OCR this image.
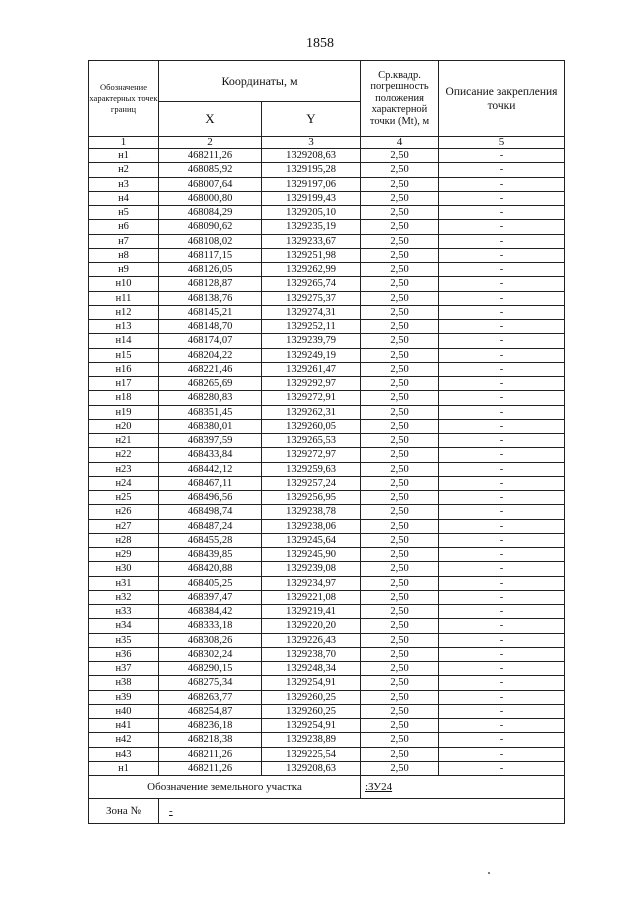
1858
Обозначение характерных точек границ	Координаты, м		Ср.квадр. погрешность положения характерной точки (Mt), м	Описание закрепления точки
	X	Y		
1	2	3	4	5
н1	468211,26	1329208,63	2,50	-
н2	468085,92	1329195,28	2,50	-
н3	468007,64	1329197,06	2,50	-
н4	468000,80	1329199,43	2,50	-
н5	468084,29	1329205,10	2,50	-
н6	468090,62	1329235,19	2,50	-
н7	468108,02	1329233,67	2,50	-
н8	468117,15	1329251,98	2,50	-
н9	468126,05	1329262,99	2,50	-
н10	468128,87	1329265,74	2,50	-
н11	468138,76	1329275,37	2,50	-
н12	468145,21	1329274,31	2,50	-
н13	468148,70	1329252,11	2,50	-
н14	468174,07	1329239,79	2,50	-
н15	468204,22	1329249,19	2,50	-
н16	468221,46	1329261,47	2,50	-
н17	468265,69	1329292,97	2,50	-
н18	468280,83	1329272,91	2,50	-
н19	468351,45	1329262,31	2,50	-
н20	468380,01	1329260,05	2,50	-
н21	468397,59	1329265,53	2,50	-
н22	468433,84	1329272,97	2,50	-
н23	468442,12	1329259,63	2,50	-
н24	468467,11	1329257,24	2,50	-
н25	468496,56	1329256,95	2,50	-
н26	468498,74	1329238,78	2,50	-
н27	468487,24	1329238,06	2,50	-
н28	468455,28	1329245,64	2,50	-
н29	468439,85	1329245,90	2,50	-
н30	468420,88	1329239,08	2,50	-
н31	468405,25	1329234,97	2,50	-
н32	468397,47	1329221,08	2,50	-
н33	468384,42	1329219,41	2,50	-
н34	468333,18	1329220,20	2,50	-
н35	468308,26	1329226,43	2,50	-
н36	468302,24	1329238,70	2,50	-
н37	468290,15	1329248,34	2,50	-
н38	468275,34	1329254,91	2,50	-
н39	468263,77	1329260,25	2,50	-
н40	468254,87	1329260,25	2,50	-
н41	468236,18	1329254,91	2,50	-
н42	468218,38	1329238,89	2,50	-
н43	468211,26	1329225,54	2,50	-
н1	468211,26	1329208,63	2,50	-
Обозначение земельного участка			:ЗУ24	
Зона №	-			
